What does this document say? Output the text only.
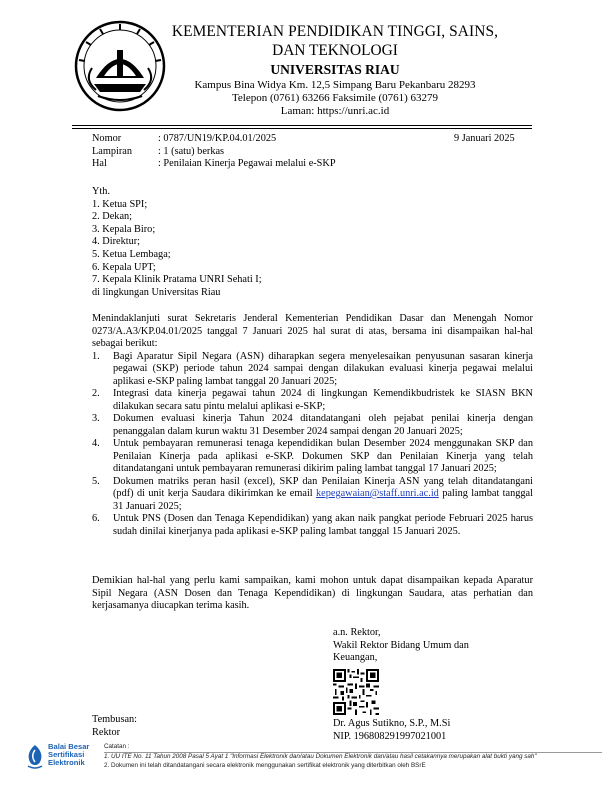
KEMENTERIAN PENDIDIKAN TINGGI, SAINS,
DAN TEKNOLOGI
UNIVERSITAS RIAU
Kampus Bina Widya Km. 12,5 Simpang Baru Pekanbaru 28293
Telepon (0761) 63266 Faksimile (0761) 63279
Laman: https://unri.ac.id
Nomor	: 0787/UN19/KP.04.01/2025
Lampiran	: 1 (satu) berkas
Hal	: Penilaian Kinerja Pegawai melalui e-SKP
9 Januari 2025
Yth.
1. Ketua SPI;
2. Dekan;
3. Kepala Biro;
4. Direktur;
5. Ketua Lembaga;
6. Kepala UPT;
7. Kepala Klinik Pratama UNRI Sehati I;
di lingkungan Universitas Riau

Menindaklanjuti surat Sekretaris Jenderal Kementerian Pendidikan Dasar dan Menengah Nomor 0273/A.A3/KP.04.01/2025 tanggal 7 Januari 2025 hal surat di atas, bersama ini disampaikan hal-hal sebagai berikut:

1. Bagi Aparatur Sipil Negara (ASN) diharapkan segera menyelesaikan penyusunan sasaran kinerja pegawai (SKP) periode tahun 2024 sampai dengan dilakukan evaluasi kinerja pegawai melalui aplikasi e-SKP paling lambat tanggal 20 Januari 2025;
2. Integrasi data kinerja pegawai tahun 2024 di lingkungan Kemendikbudristek ke SIASN BKN dilakukan secara satu pintu melalui aplikasi e-SKP;
3. Dokumen evaluasi kinerja Tahun 2024 ditandatangani oleh pejabat penilai kinerja dengan penanggalan dalam kurun waktu 31 Desember 2024 sampai dengan 20 Januari 2025;
4. Untuk pembayaran remunerasi tenaga kependidikan bulan Desember 2024 menggunakan SKP dan Penilaian Kinerja pada aplikasi e-SKP. Dokumen SKP dan Penilaian Kinerja yang telah ditandatangani untuk pembayaran remunerasi dikirim paling lambat tanggal 17 Januari 2025;
5. Dokumen matriks peran hasil (excel), SKP dan Penilaian Kinerja ASN yang telah ditandatangani (pdf) di unit kerja Saudara dikirimkan ke email kepegawaian@staff.unri.ac.id paling lambat tanggal 31 Januari 2025;
6. Untuk PNS (Dosen dan Tenaga Kependidikan) yang akan naik pangkat periode Februari 2025 harus sudah dinilai kinerjanya pada aplikasi e-SKP paling lambat tanggal 15 Januari 2025.
Demikian hal-hal yang perlu kami sampaikan, kami mohon untuk dapat disampaikan kepada Aparatur Sipil Negara (ASN Dosen dan Tenaga Kependidikan) di lingkungan Saudara, atas perhatian dan kerjasamanya diucapkan terima kasih.
a.n. Rektor,
Wakil Rektor Bidang Umum dan
Keuangan,
Dr. Agus Sutikno, S.P., M.Si
NIP. 196808291997021001
Tembusan:
Rektor
Balai Besar
Sertifikasi
Elektronik
Catatan :
1. UU ITE No. 11 Tahun 2008 Pasal 5 Ayat 1 "Informasi Elektronik dan/atau Dokumen Elektronik dan/atau hasil cetakannya merupakan alat bukti yang sah"
2. Dokumen ini telah ditandatangani secara elektronik menggunakan sertifikat elektronik yang diterbitkan oleh BSrE
